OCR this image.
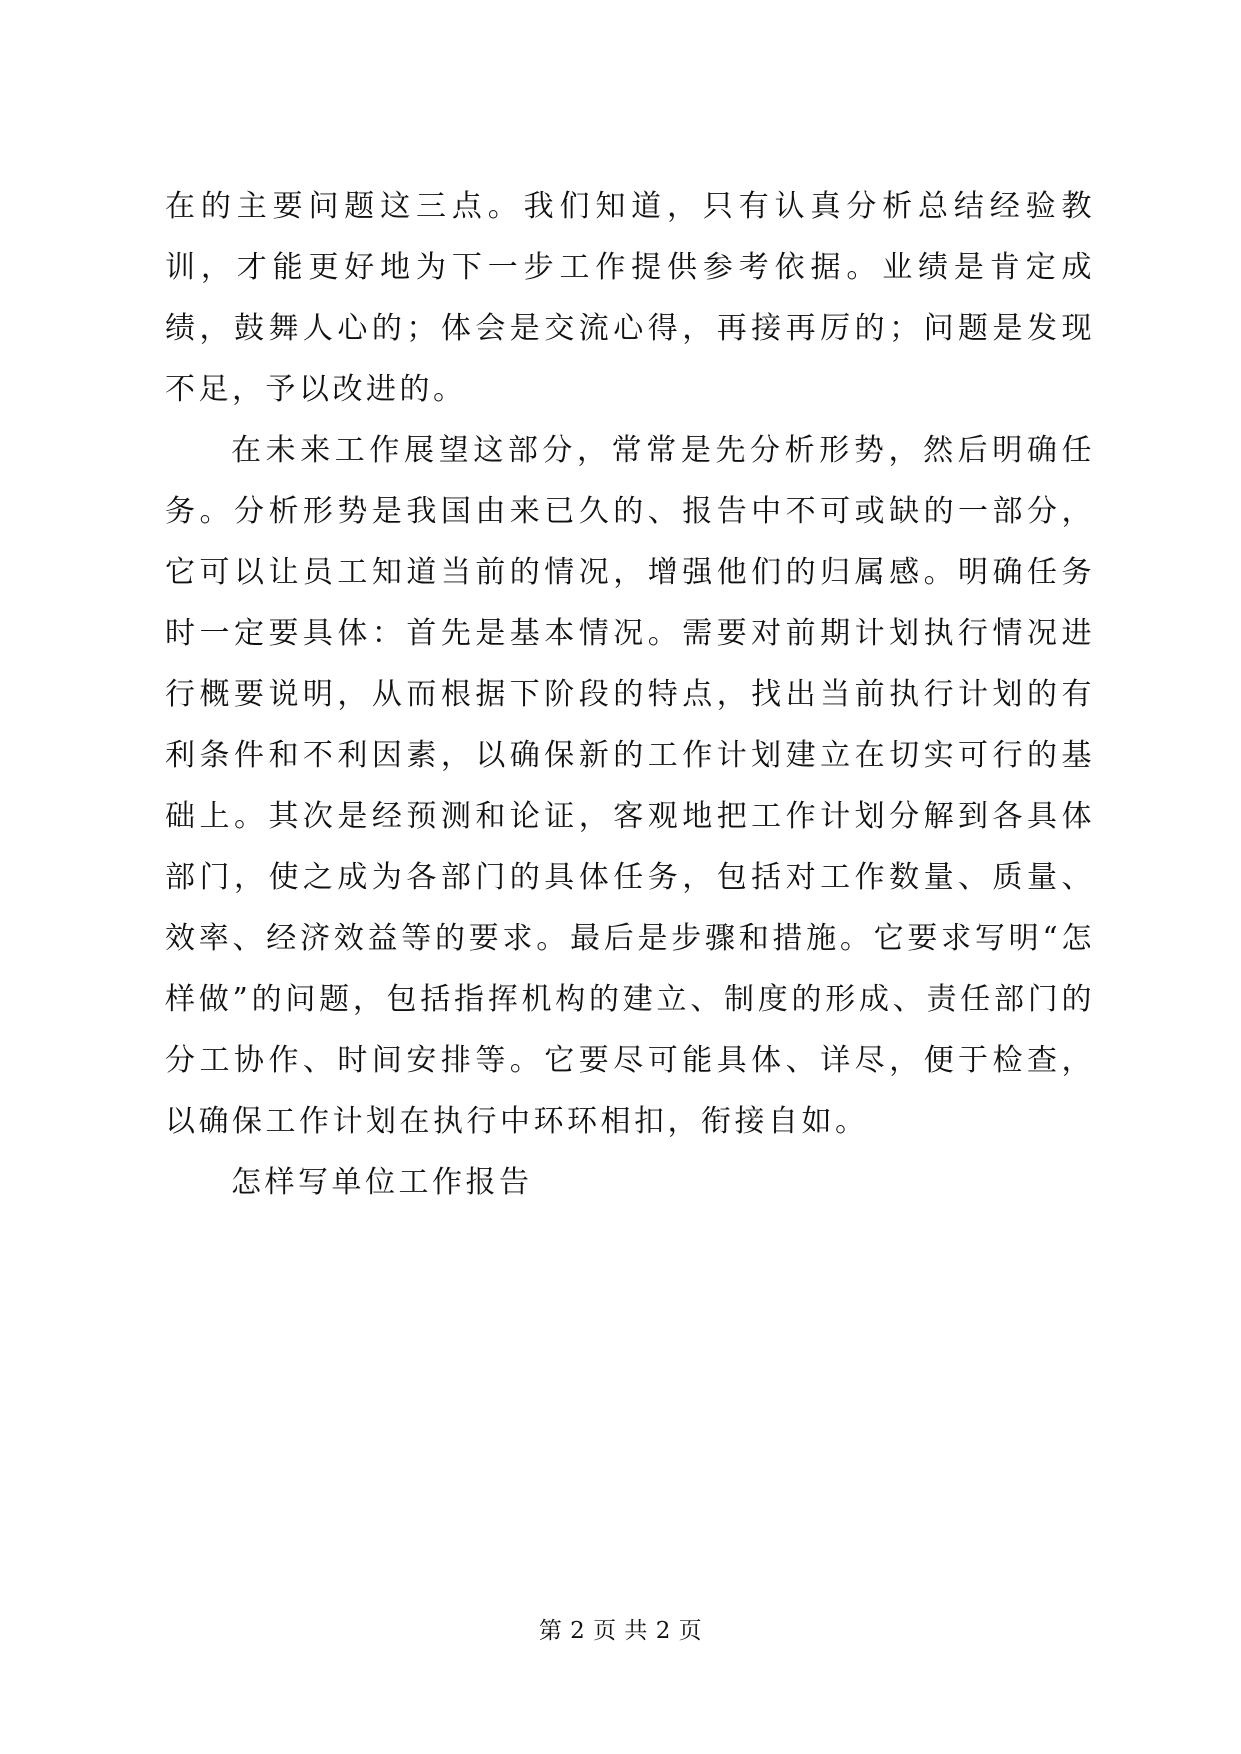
在的主要问题这三点。我们知道，只有认真分析总结经验教训，才能更好地为下一步工作提供参考依据。业绩是肯定成绩，鼓舞人心的；体会是交流心得，再接再厉的；问题是发现不足，予以改进的。

在未来工作展望这部分，常常是先分析形势，然后明确任务。分析形势是我国由来已久的、报告中不可或缺的一部分，它可以让员工知道当前的情况，增强他们的归属感。明确任务时一定要具体：首先是基本情况。需要对前期计划执行情况进行概要说明，从而根据下阶段的特点，找出当前执行计划的有利条件和不利因素，以确保新的工作计划建立在切实可行的基础上。其次是经预测和论证，客观地把工作计划分解到各具体部门，使之成为各部门的具体任务，包括对工作数量、质量、效率、经济效益等的要求。最后是步骤和措施。它要求写明“怎样做”的问题，包括指挥机构的建立、制度的形成、责任部门的分工协作、时间安排等。它要尽可能具体、详尽，便于检查，以确保工作计划在执行中环环相扣，衔接自如。

怎样写单位工作报告

第 2 页 共 2 页
